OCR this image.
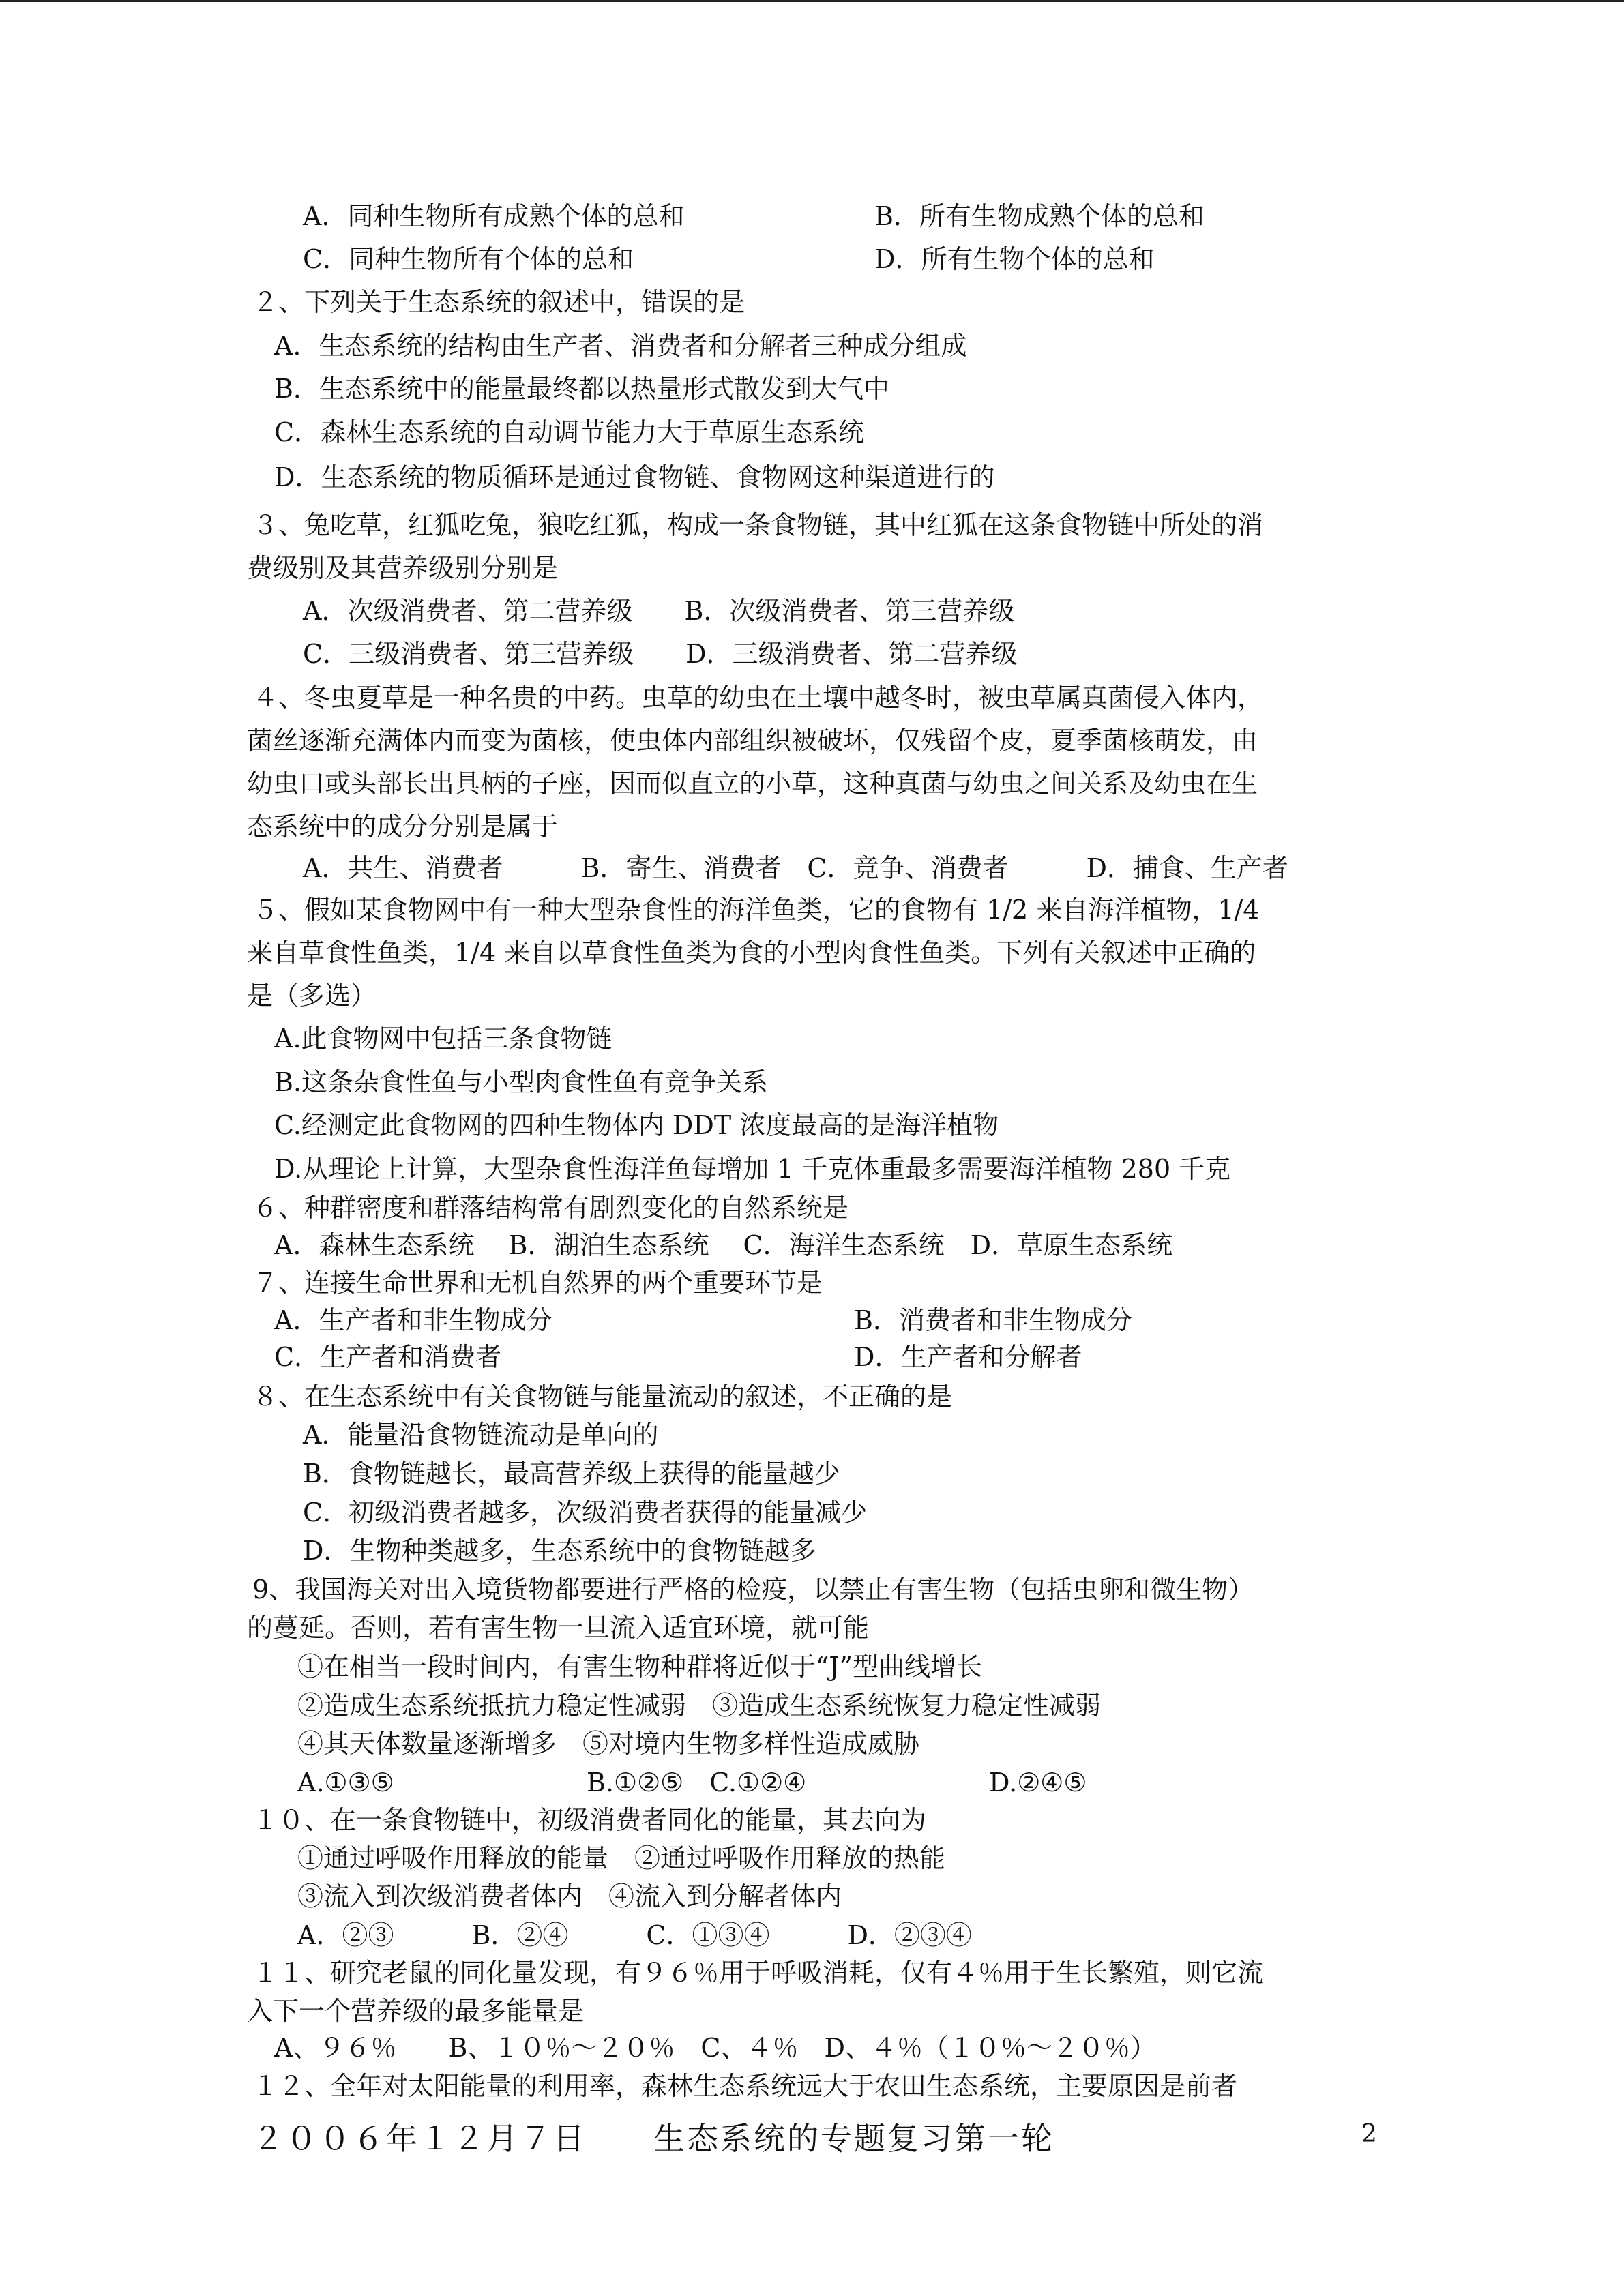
A．同种生物所有成熟个体的总和	B．所有生物成熟个体的总和
C．同种生物所有个体的总和	D．所有生物个体的总和
２、下列关于生态系统的叙述中，错误的是
A．生态系统的结构由生产者、消费者和分解者三种成分组成
B．生态系统中的能量最终都以热量形式散发到大气中
C．森林生态系统的自动调节能力大于草原生态系统
D．生态系统的物质循环是通过食物链、食物网这种渠道进行的
３、兔吃草，红狐吃兔，狼吃红狐，构成一条食物链，其中红狐在这条食物链中所处的消
费级别及其营养级别分别是
A．次级消费者、第二营养级　　B．次级消费者、第三营养级
C．三级消费者、第三营养级　　D．三级消费者、第二营养级
４、冬虫夏草是一种名贵的中药。虫草的幼虫在土壤中越冬时，被虫草属真菌侵入体内，
菌丝逐渐充满体内而变为菌核，使虫体内部组织被破坏，仅残留个皮，夏季菌核萌发，由
幼虫口或头部长出具柄的子座，因而似直立的小草，这种真菌与幼虫之间关系及幼虫在生
态系统中的成分分别是属于
A．共生、消费者　　　B．寄生、消费者　C．竞争、消费者　　　D．捕食、生产者
５、假如某食物网中有一种大型杂食性的海洋鱼类，它的食物有 1/2 来自海洋植物，1/4
来自草食性鱼类，1/4 来自以草食性鱼类为食的小型肉食性鱼类。下列有关叙述中正确的
是（多选）
A.此食物网中包括三条食物链
B.这条杂食性鱼与小型肉食性鱼有竞争关系
C.经测定此食物网的四种生物体内 DDT 浓度最高的是海洋植物
D.从理论上计算，大型杂食性海洋鱼每增加 1 千克体重最多需要海洋植物 280 千克
６、种群密度和群落结构常有剧烈变化的自然系统是
A．森林生态系统　 B．湖泊生态系统　 C．海洋生态系统　D．草原生态系统
７、连接生命世界和无机自然界的两个重要环节是
A．生产者和非生物成分	B．消费者和非生物成分
C．生产者和消费者	D．生产者和分解者
８、在生态系统中有关食物链与能量流动的叙述，不正确的是
A．能量沿食物链流动是单向的
B．食物链越长，最高营养级上获得的能量越少
C．初级消费者越多，次级消费者获得的能量减少
D．生物种类越多，生态系统中的食物链越多
9、我国海关对出入境货物都要进行严格的检疫，以禁止有害生物（包括虫卵和微生物）
的蔓延。否则，若有害生物一旦流入适宜环境，就可能
①在相当一段时间内，有害生物种群将近似于“J”型曲线增长
②造成生态系统抵抗力稳定性减弱　③造成生态系统恢复力稳定性减弱
④其天体数量逐渐增多　⑤对境内生物多样性造成威胁
A.①③⑤	B.①②⑤　C.①②④	D.②④⑤
１０、在一条食物链中，初级消费者同化的能量，其去向为
①通过呼吸作用释放的能量　②通过呼吸作用释放的热能
③流入到次级消费者体内　④流入到分解者体内
A．②③　　　B．②④　　　C．①③④　　　D．②③④
１１、研究老鼠的同化量发现，有９６％用于呼吸消耗，仅有４％用于生长繁殖，则它流
入下一个营养级的最多能量是
A、９６％　　B、１０％～２０％　C、４％　D、４％（１０％～２０％）
１２、全年对太阳能量的利用率，森林生态系统远大于农田生态系统，主要原因是前者
２００６年１２月７日　　生态系统的专题复习第一轮	2
